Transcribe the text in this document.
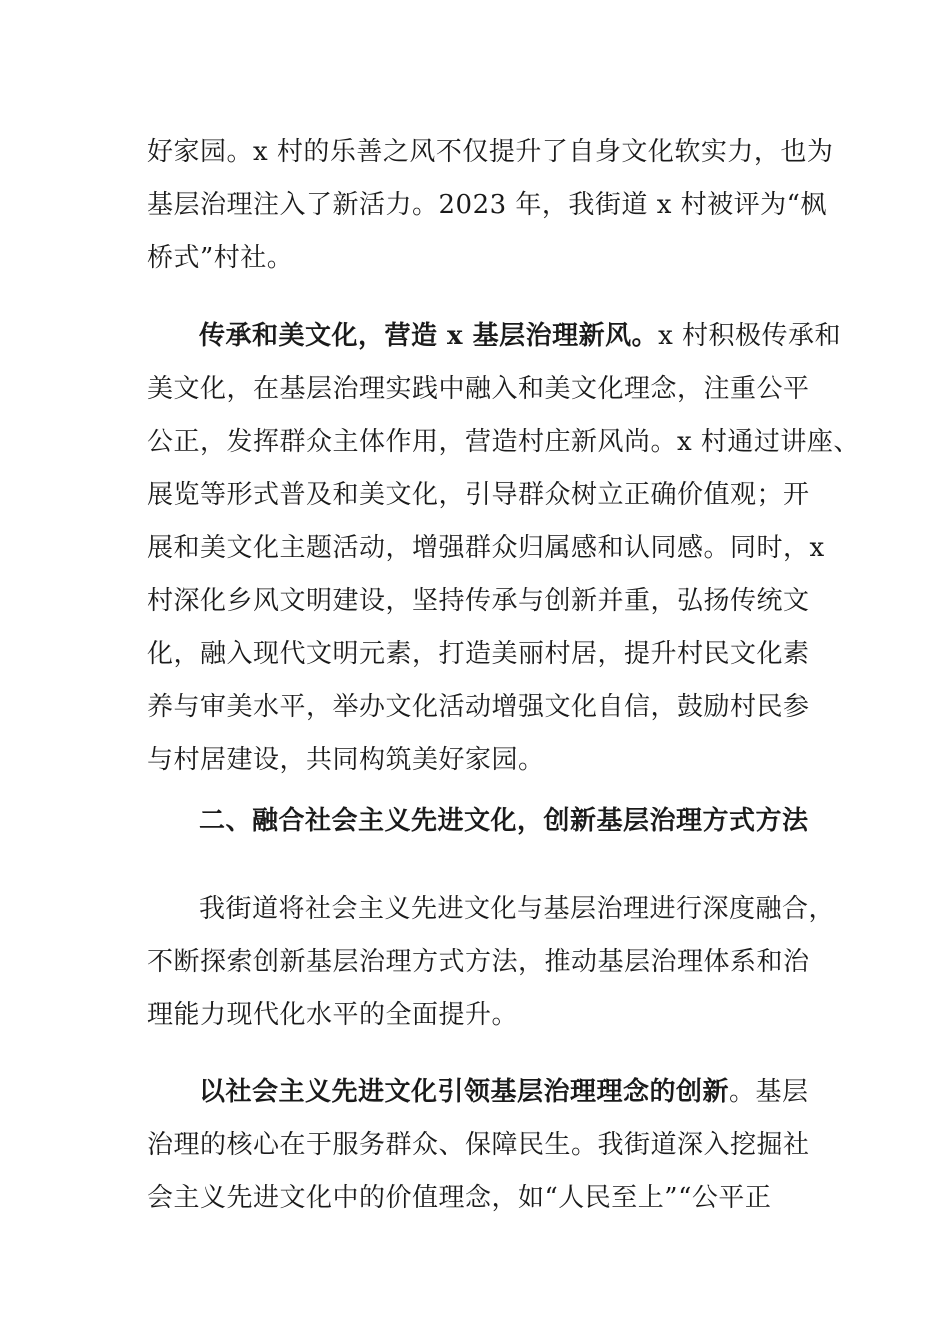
好家园。x 村的乐善之风不仅提升了自身文化软实力，也为
基层治理注入了新活力。2023 年，我街道 x 村被评为“枫
桥式”村社。
传承和美文化，营造 x 基层治理新风。x 村积极传承和
美文化，在基层治理实践中融入和美文化理念，注重公平
公正，发挥群众主体作用，营造村庄新风尚。x 村通过讲座、
展览等形式普及和美文化，引导群众树立正确价值观；开
展和美文化主题活动，增强群众归属感和认同感。同时，x
村深化乡风文明建设，坚持传承与创新并重，弘扬传统文
化，融入现代文明元素，打造美丽村居，提升村民文化素
养与审美水平，举办文化活动增强文化自信，鼓励村民参
与村居建设，共同构筑美好家园。
二、融合社会主义先进文化，创新基层治理方式方法
我街道将社会主义先进文化与基层治理进行深度融合，
不断探索创新基层治理方式方法，推动基层治理体系和治
理能力现代化水平的全面提升。
以社会主义先进文化引领基层治理理念的创新。基层
治理的核心在于服务群众、保障民生。我街道深入挖掘社
会主义先进文化中的价值理念，如“人民至上”“公平正
